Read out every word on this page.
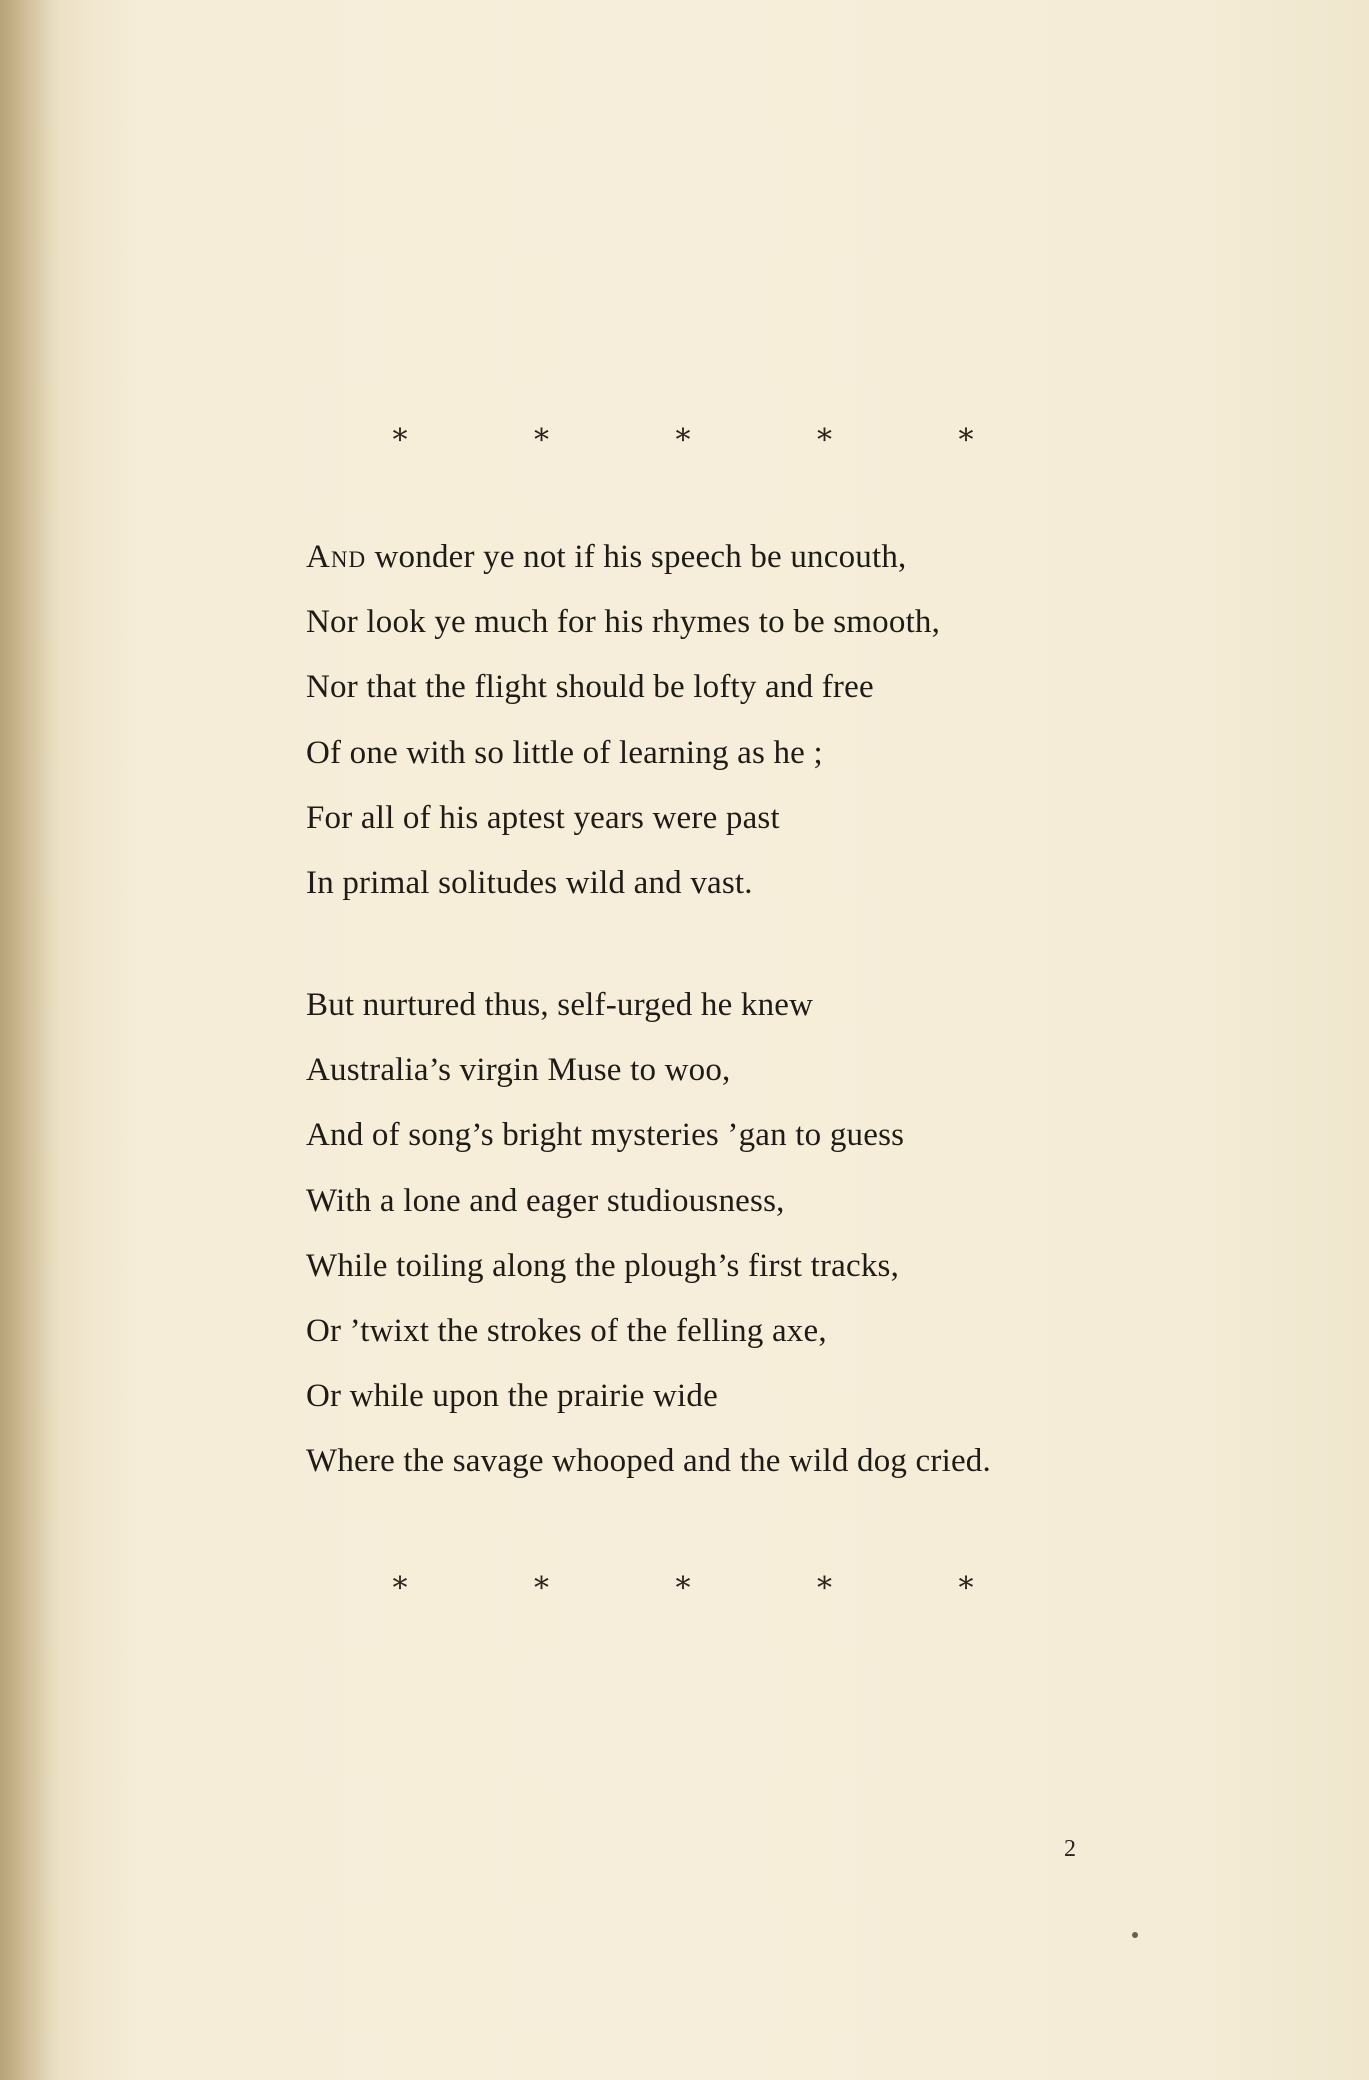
*	*	*	*	*
And wonder ye not if his speech be uncouth,
Nor look ye much for his rhymes to be smooth,
Nor that the flight should be lofty and free
Of one with so little of learning as he ;
For all of his aptest years were past
In primal solitudes wild and vast.
But nurtured thus, self-urged he knew
Australia’s virgin Muse to woo,
And of song’s bright mysteries ’gan to guess
With a lone and eager studiousness,
While toiling along the plough’s first tracks,
Or ’twixt the strokes of the felling axe,
Or while upon the prairie wide
Where the savage whooped and the wild dog cried.
*	*	*	*	*
2
